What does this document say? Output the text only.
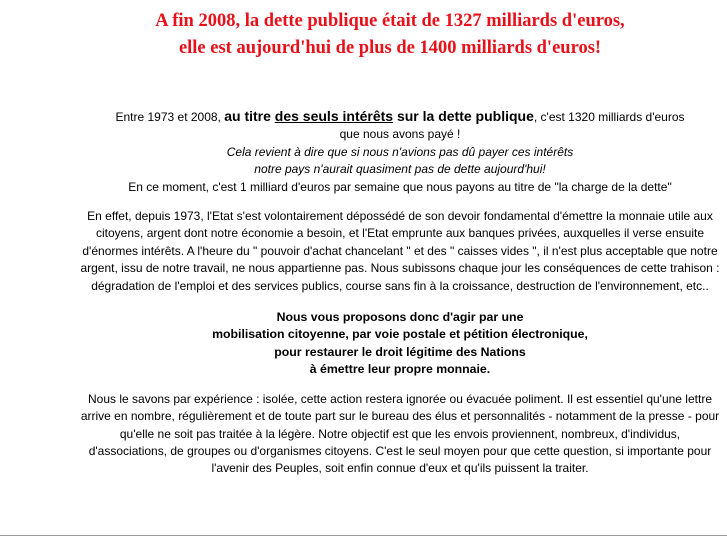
A fin 2008, la dette publique était de 1327 milliards d'euros,
elle est aujourd'hui de plus de 1400 milliards d'euros!

Entre 1973 et 2008, au titre des seuls intérêts sur la dette publique, c'est 1320 milliards d'euros
que nous avons payé !
Cela revient à dire que si nous n'avions pas dû payer ces intérêts
notre pays n'aurait quasiment pas de dette aujourd'hui!
En ce moment, c'est 1 milliard d'euros par semaine que nous payons au titre de "la charge de la dette"

En effet, depuis 1973, l'Etat s'est volontairement dépossédé de son devoir fondamental d'émettre la monnaie utile aux citoyens, argent dont notre économie a besoin, et l'Etat emprunte aux banques privées, auxquelles il verse ensuite d'énormes intérêts. A l'heure du " pouvoir d'achat chancelant " et des " caisses vides ", il n'est plus acceptable que notre argent, issu de notre travail, ne nous appartienne pas. Nous subissons chaque jour les conséquences de cette trahison : dégradation de l'emploi et des services publics, course sans fin à la croissance, destruction de l'environnement, etc..

Nous vous proposons donc d'agir par une
mobilisation citoyenne, par voie postale et pétition électronique,
pour restaurer le droit légitime des Nations
à émettre leur propre monnaie.

Nous le savons par expérience : isolée, cette action restera ignorée ou évacuée poliment. Il est essentiel qu'une lettre arrive en nombre, régulièrement et de toute part sur le bureau des élus et personnalités - notamment de la presse - pour qu'elle ne soit pas traitée à la légère. Notre objectif est que les envois proviennent, nombreux, d'individus, d'associations, de groupes ou d'organismes citoyens. C'est le seul moyen pour que cette question, si importante pour l'avenir des Peuples, soit enfin connue d'eux et qu'ils puissent la traiter.
